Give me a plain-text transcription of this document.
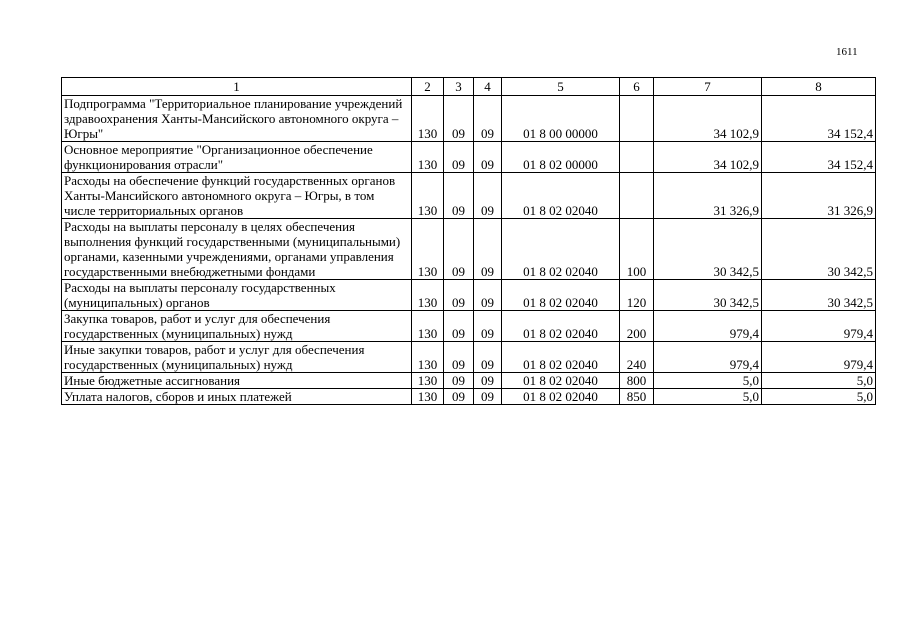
1611
1	2	3	4	5	6	7	8
Подпрограмма "Территориальное планирование учреждений здравоохранения Ханты-Мансийского автономного округа – Югры"	130	09	09	01 8 00 00000		34 102,9	34 152,4
Основное мероприятие "Организационное обеспечение функционирования отрасли"	130	09	09	01 8 02 00000		34 102,9	34 152,4
Расходы на обеспечение функций государственных органов Ханты-Мансийского автономного округа – Югры, в том числе территориальных органов	130	09	09	01 8 02 02040		31 326,9	31 326,9
Расходы на выплаты персоналу в целях обеспечения выполнения функций государственными (муниципальными) органами, казенными учреждениями, органами управления государственными внебюджетными фондами	130	09	09	01 8 02 02040	100	30 342,5	30 342,5
Расходы на выплаты персоналу государственных (муниципальных) органов	130	09	09	01 8 02 02040	120	30 342,5	30 342,5
Закупка товаров, работ и услуг для обеспечения государственных (муниципальных) нужд	130	09	09	01 8 02 02040	200	979,4	979,4
Иные закупки товаров, работ и услуг для обеспечения государственных (муниципальных) нужд	130	09	09	01 8 02 02040	240	979,4	979,4
Иные бюджетные ассигнования	130	09	09	01 8 02 02040	800	5,0	5,0
Уплата налогов, сборов и иных платежей	130	09	09	01 8 02 02040	850	5,0	5,0
